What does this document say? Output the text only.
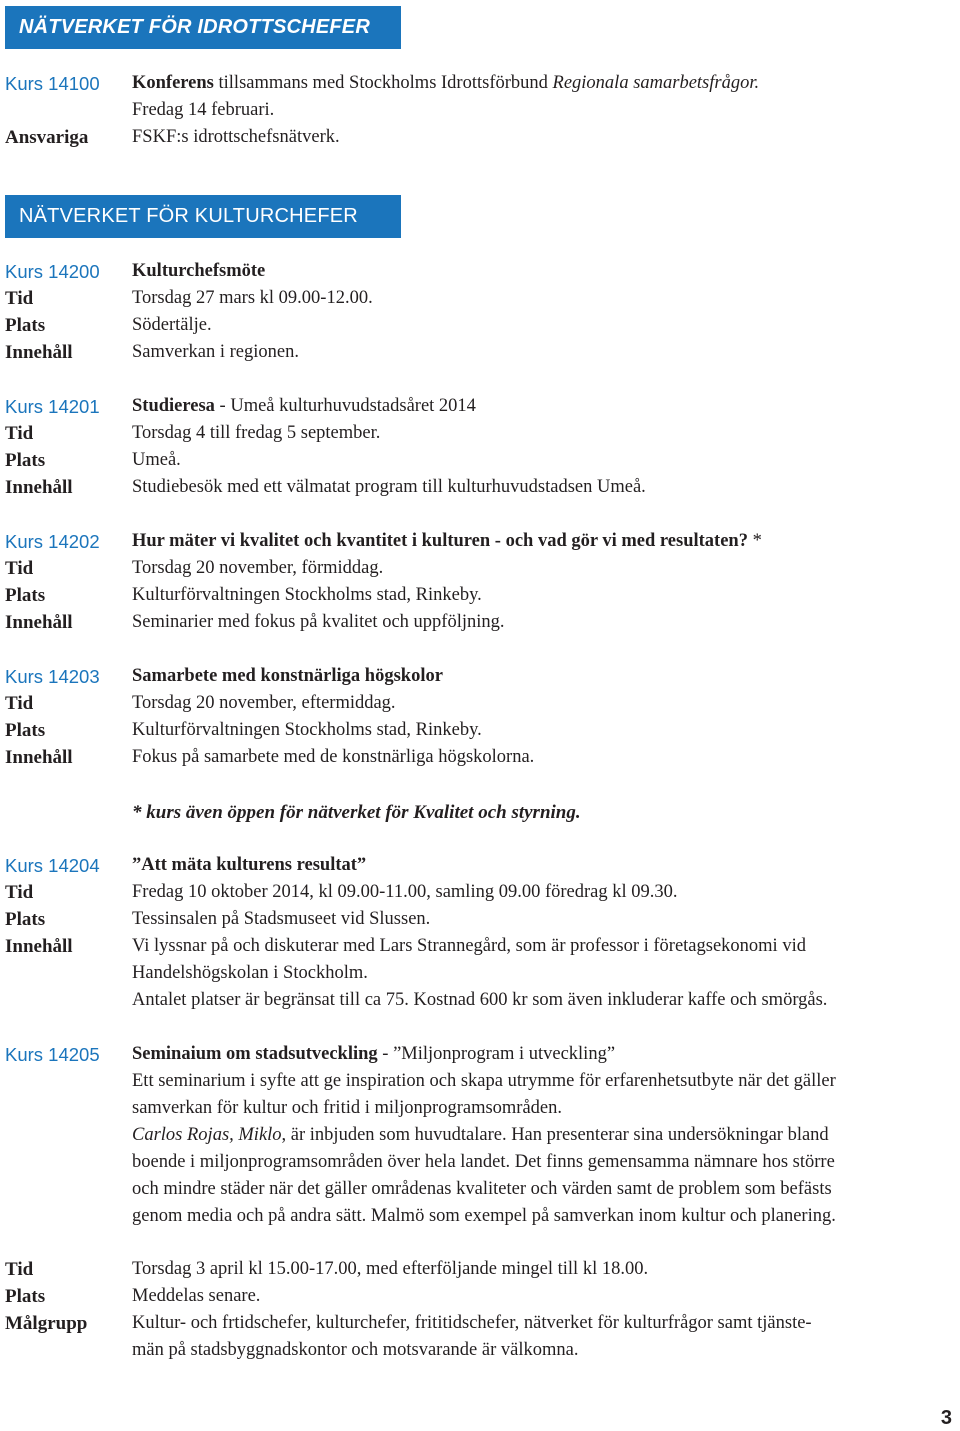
NÄTVERKET FÖR IDROTTSCHEFER
Kurs 14100 Konferens tillsammans med Stockholms Idrottsförbund Regionala samarbetsfrågor.
Fredag 14 februari.
Ansvariga FSKF:s idrottschefsnätverk.
NÄTVERKET FÖR KULTURCHEFER
Kurs 14200 Kulturchefsmöte
Tid	Torsdag 27 mars kl 09.00-12.00.
Plats	Södertälje.
Innehåll	Samverkan i regionen.
Kurs 14201 Studieresa - Umeå kulturhuvudstadsåret 2014
Tid	Torsdag 4 till fredag 5 september.
Plats	Umeå.
Innehåll	Studiebesök med ett välmatat program till kulturhuvudstadsen Umeå.
Kurs 14202 Hur mäter vi kvalitet och kvantitet i kulturen - och vad gör vi med resultaten? *
Tid	Torsdag 20 november, förmiddag.
Plats	Kulturförvaltningen Stockholms stad, Rinkeby.
Innehåll	Seminarier med fokus på kvalitet och uppföljning.
Kurs 14203 Samarbete med konstnärliga högskolor
Tid	Torsdag 20 november, eftermiddag.
Plats	Kulturförvaltningen Stockholms stad, Rinkeby.
Innehåll	Fokus på samarbete med de konstnärliga högskolorna.
* kurs även öppen för nätverket för Kvalitet och styrning.
Kurs 14204 ”Att mäta kulturens resultat”
Tid	Fredag 10 oktober 2014, kl 09.00-11.00, samling 09.00 föredrag kl 09.30.
Plats	Tessinsalen på Stadsmuseet vid Slussen.
Innehåll	Vi lyssnar på och diskuterar med Lars Strannegård, som är professor i företagsekonomi vid
Handelshögskolan i Stockholm.
Antalet platser är begränsat till ca 75. Kostnad 600 kr som även inkluderar kaffe och smörgås.
Kurs 14205 Seminaium om stadsutveckling - ”Miljonprogram i utveckling”
Ett seminarium i syfte att ge inspiration och skapa utrymme för erfarenhetsutbyte när det gäller
samverkan för kultur och fritid i miljonprogramsområden.
Carlos Rojas, Miklo, är inbjuden som huvudtalare. Han presenterar sina undersökningar bland
boende i miljonprogramsområden över hela landet. Det finns gemensamma nämnare hos större
och mindre städer när det gäller områdenas kvaliteter och värden samt de problem som befästs
genom media och på andra sätt. Malmö som exempel på samverkan inom kultur och planering.
Tid	Torsdag 3 april kl 15.00-17.00, med efterföljande mingel till kl 18.00.
Plats	Meddelas senare.
Målgrupp Kultur- och frtidschefer, kulturchefer, frititidschefer, nätverket för kulturfrågor samt tjänste-
män på stadsbyggnadskontor och motsvarande är välkomna.
3
